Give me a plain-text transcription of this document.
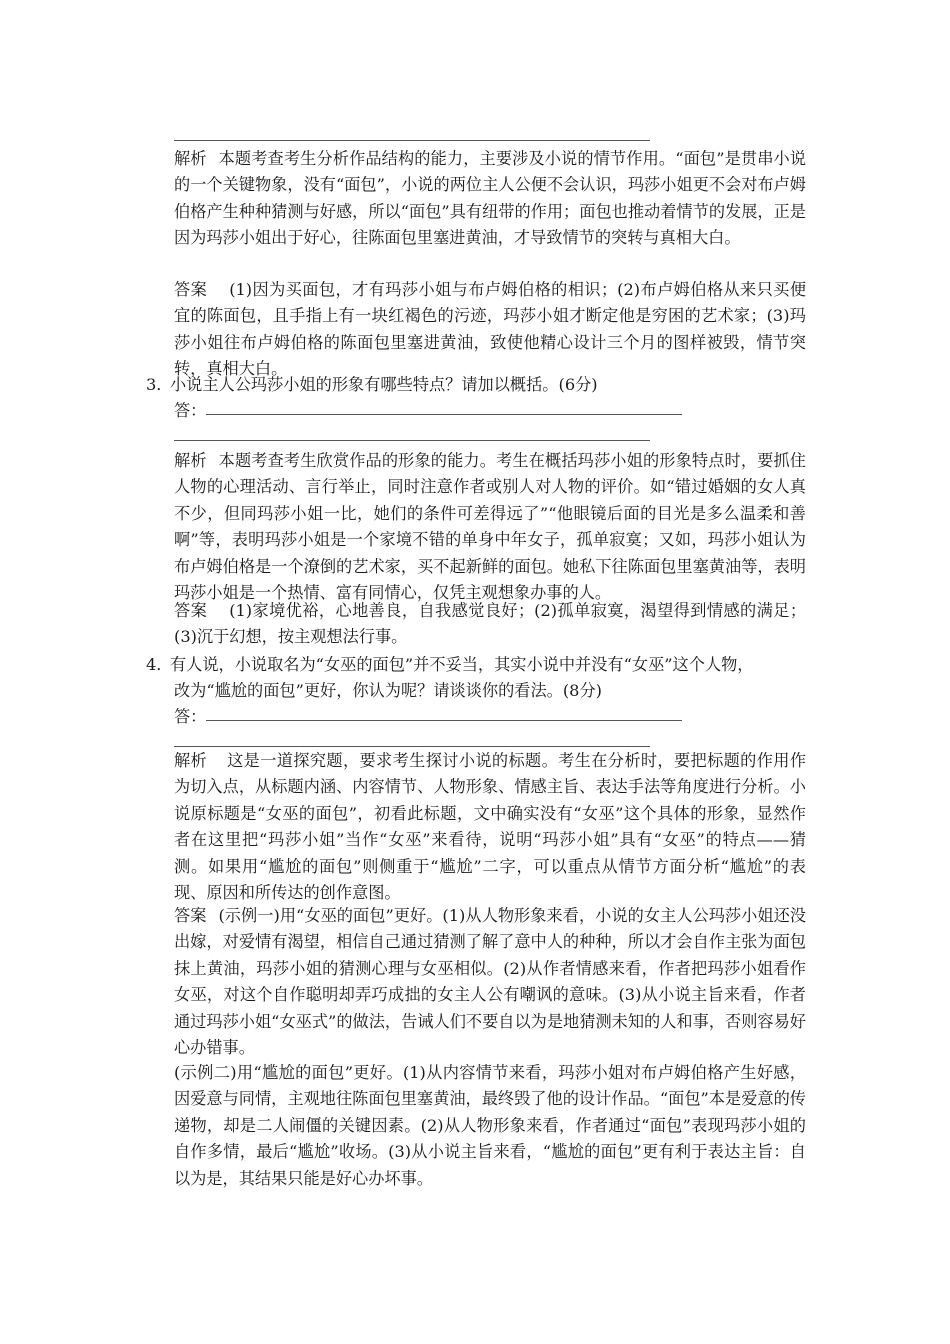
解析 本题考查考生分析作品结构的能力，主要涉及小说的情节作用。“面包”是贯串小说的一个关键物象，没有“面包”，小说的两位主人公便不会认识，玛莎小姐更不会对布卢姆伯格产生种种猜测与好感，所以“面包”具有纽带的作用；面包也推动着情节的发展，正是因为玛莎小姐出于好心，往陈面包里塞进黄油，才导致情节的突转与真相大白。
答案 (1)因为买面包，才有玛莎小姐与布卢姆伯格的相识；(2)布卢姆伯格从来只买便宜的陈面包，且手指上有一块红褐色的污迹，玛莎小姐才断定他是穷困的艺术家；(3)玛莎小姐往布卢姆伯格的陈面包里塞进黄油，致使他精心设计三个月的图样被毁，情节突转，真相大白。
3．小说主人公玛莎小姐的形象有哪些特点？请加以概括。(6分)
答：
解析 本题考查考生欣赏作品的形象的能力。考生在概括玛莎小姐的形象特点时，要抓住人物的心理活动、言行举止，同时注意作者或别人对人物的评价。如“错过婚姻的女人真不少，但同玛莎小姐一比，她们的条件可差得远了”“他眼镜后面的目光是多么温柔和善啊”等，表明玛莎小姐是一个家境不错的单身中年女子，孤单寂寞；又如，玛莎小姐认为布卢姆伯格是一个潦倒的艺术家，买不起新鲜的面包。她私下往陈面包里塞黄油等，表明玛莎小姐是一个热情、富有同情心，仅凭主观想象办事的人。
答案 (1)家境优裕，心地善良，自我感觉良好；(2)孤单寂寞，渴望得到情感的满足；(3)沉于幻想，按主观想法行事。
4．有人说，小说取名为“女巫的面包”并不妥当，其实小说中并没有“女巫”这个人物，
改为“尴尬的面包”更好，你认为呢？请谈谈你的看法。(8分)
答：
解析 这是一道探究题，要求考生探讨小说的标题。考生在分析时，要把标题的作用作为切入点，从标题内涵、内容情节、人物形象、情感主旨、表达手法等角度进行分析。小说原标题是“女巫的面包”，初看此标题，文中确实没有“女巫”这个具体的形象，显然作者在这里把“玛莎小姐”当作“女巫”来看待，说明“玛莎小姐”具有“女巫”的特点——猜测。如果用“尴尬的面包”则侧重于“尴尬”二字，可以重点从情节方面分析“尴尬”的表现、原因和所传达的创作意图。
答案 (示例一)用“女巫的面包”更好。(1)从人物形象来看，小说的女主人公玛莎小姐还没出嫁，对爱情有渴望，相信自己通过猜测了解了意中人的种种，所以才会自作主张为面包抹上黄油，玛莎小姐的猜测心理与女巫相似。(2)从作者情感来看，作者把玛莎小姐看作女巫，对这个自作聪明却弄巧成拙的女主人公有嘲讽的意味。(3)从小说主旨来看，作者通过玛莎小姐“女巫式”的做法，告诫人们不要自以为是地猜测未知的人和事，否则容易好心办错事。
(示例二)用“尴尬的面包”更好。(1)从内容情节来看，玛莎小姐对布卢姆伯格产生好感，因爱意与同情，主观地往陈面包里塞黄油，最终毁了他的设计作品。“面包”本是爱意的传递物，却是二人闹僵的关键因素。(2)从人物形象来看，作者通过“面包”表现玛莎小姐的自作多情，最后“尴尬”收场。(3)从小说主旨来看，“尴尬的面包”更有利于表达主旨：自以为是，其结果只能是好心办坏事。
